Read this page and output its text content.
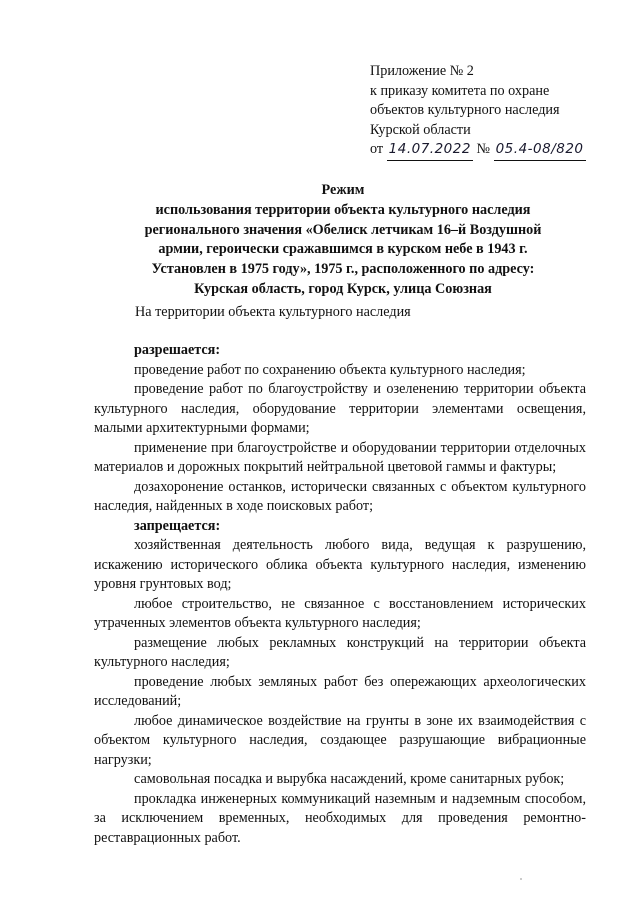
Приложение № 2
к приказу комитета по охране
объектов культурного наследия
Курской области
от 14.07.2022 № 05.4-08/820
Режим
использования территории объекта культурного наследия
регионального значения «Обелиск летчикам 16–й Воздушной
армии, героически сражавшимся в курском небе в 1943 г.
Установлен в 1975 году», 1975 г., расположенного по адресу:
Курская область, город Курск, улица Союзная
На территории объекта культурного наследия

разрешается:

проведение работ по сохранению объекта культурного наследия;

проведение работ по благоустройству и озеленению территории объекта культурного наследия, оборудование территории элементами освещения, малыми архитектурными формами;

применение при благоустройстве и оборудовании территории отделочных материалов и дорожных покрытий нейтральной цветовой гаммы и фактуры;

дозахоронение останков, исторически связанных с объектом культурного наследия, найденных в ходе поисковых работ;

запрещается:

хозяйственная деятельность любого вида, ведущая к разрушению, искажению исторического облика объекта культурного наследия, изменению уровня грунтовых вод;

любое строительство, не связанное с восстановлением исторических утраченных элементов объекта культурного наследия;

размещение любых рекламных конструкций на территории объекта культурного наследия;

проведение любых земляных работ без опережающих археологических исследований;

любое динамическое воздействие на грунты в зоне их взаимодействия с объектом культурного наследия, создающее разрушающие вибрационные нагрузки;

самовольная посадка и вырубка насаждений, кроме санитарных рубок;

прокладка инженерных коммуникаций наземным и надземным способом, за исключением временных, необходимых для проведения ремонтно-реставрационных работ.
